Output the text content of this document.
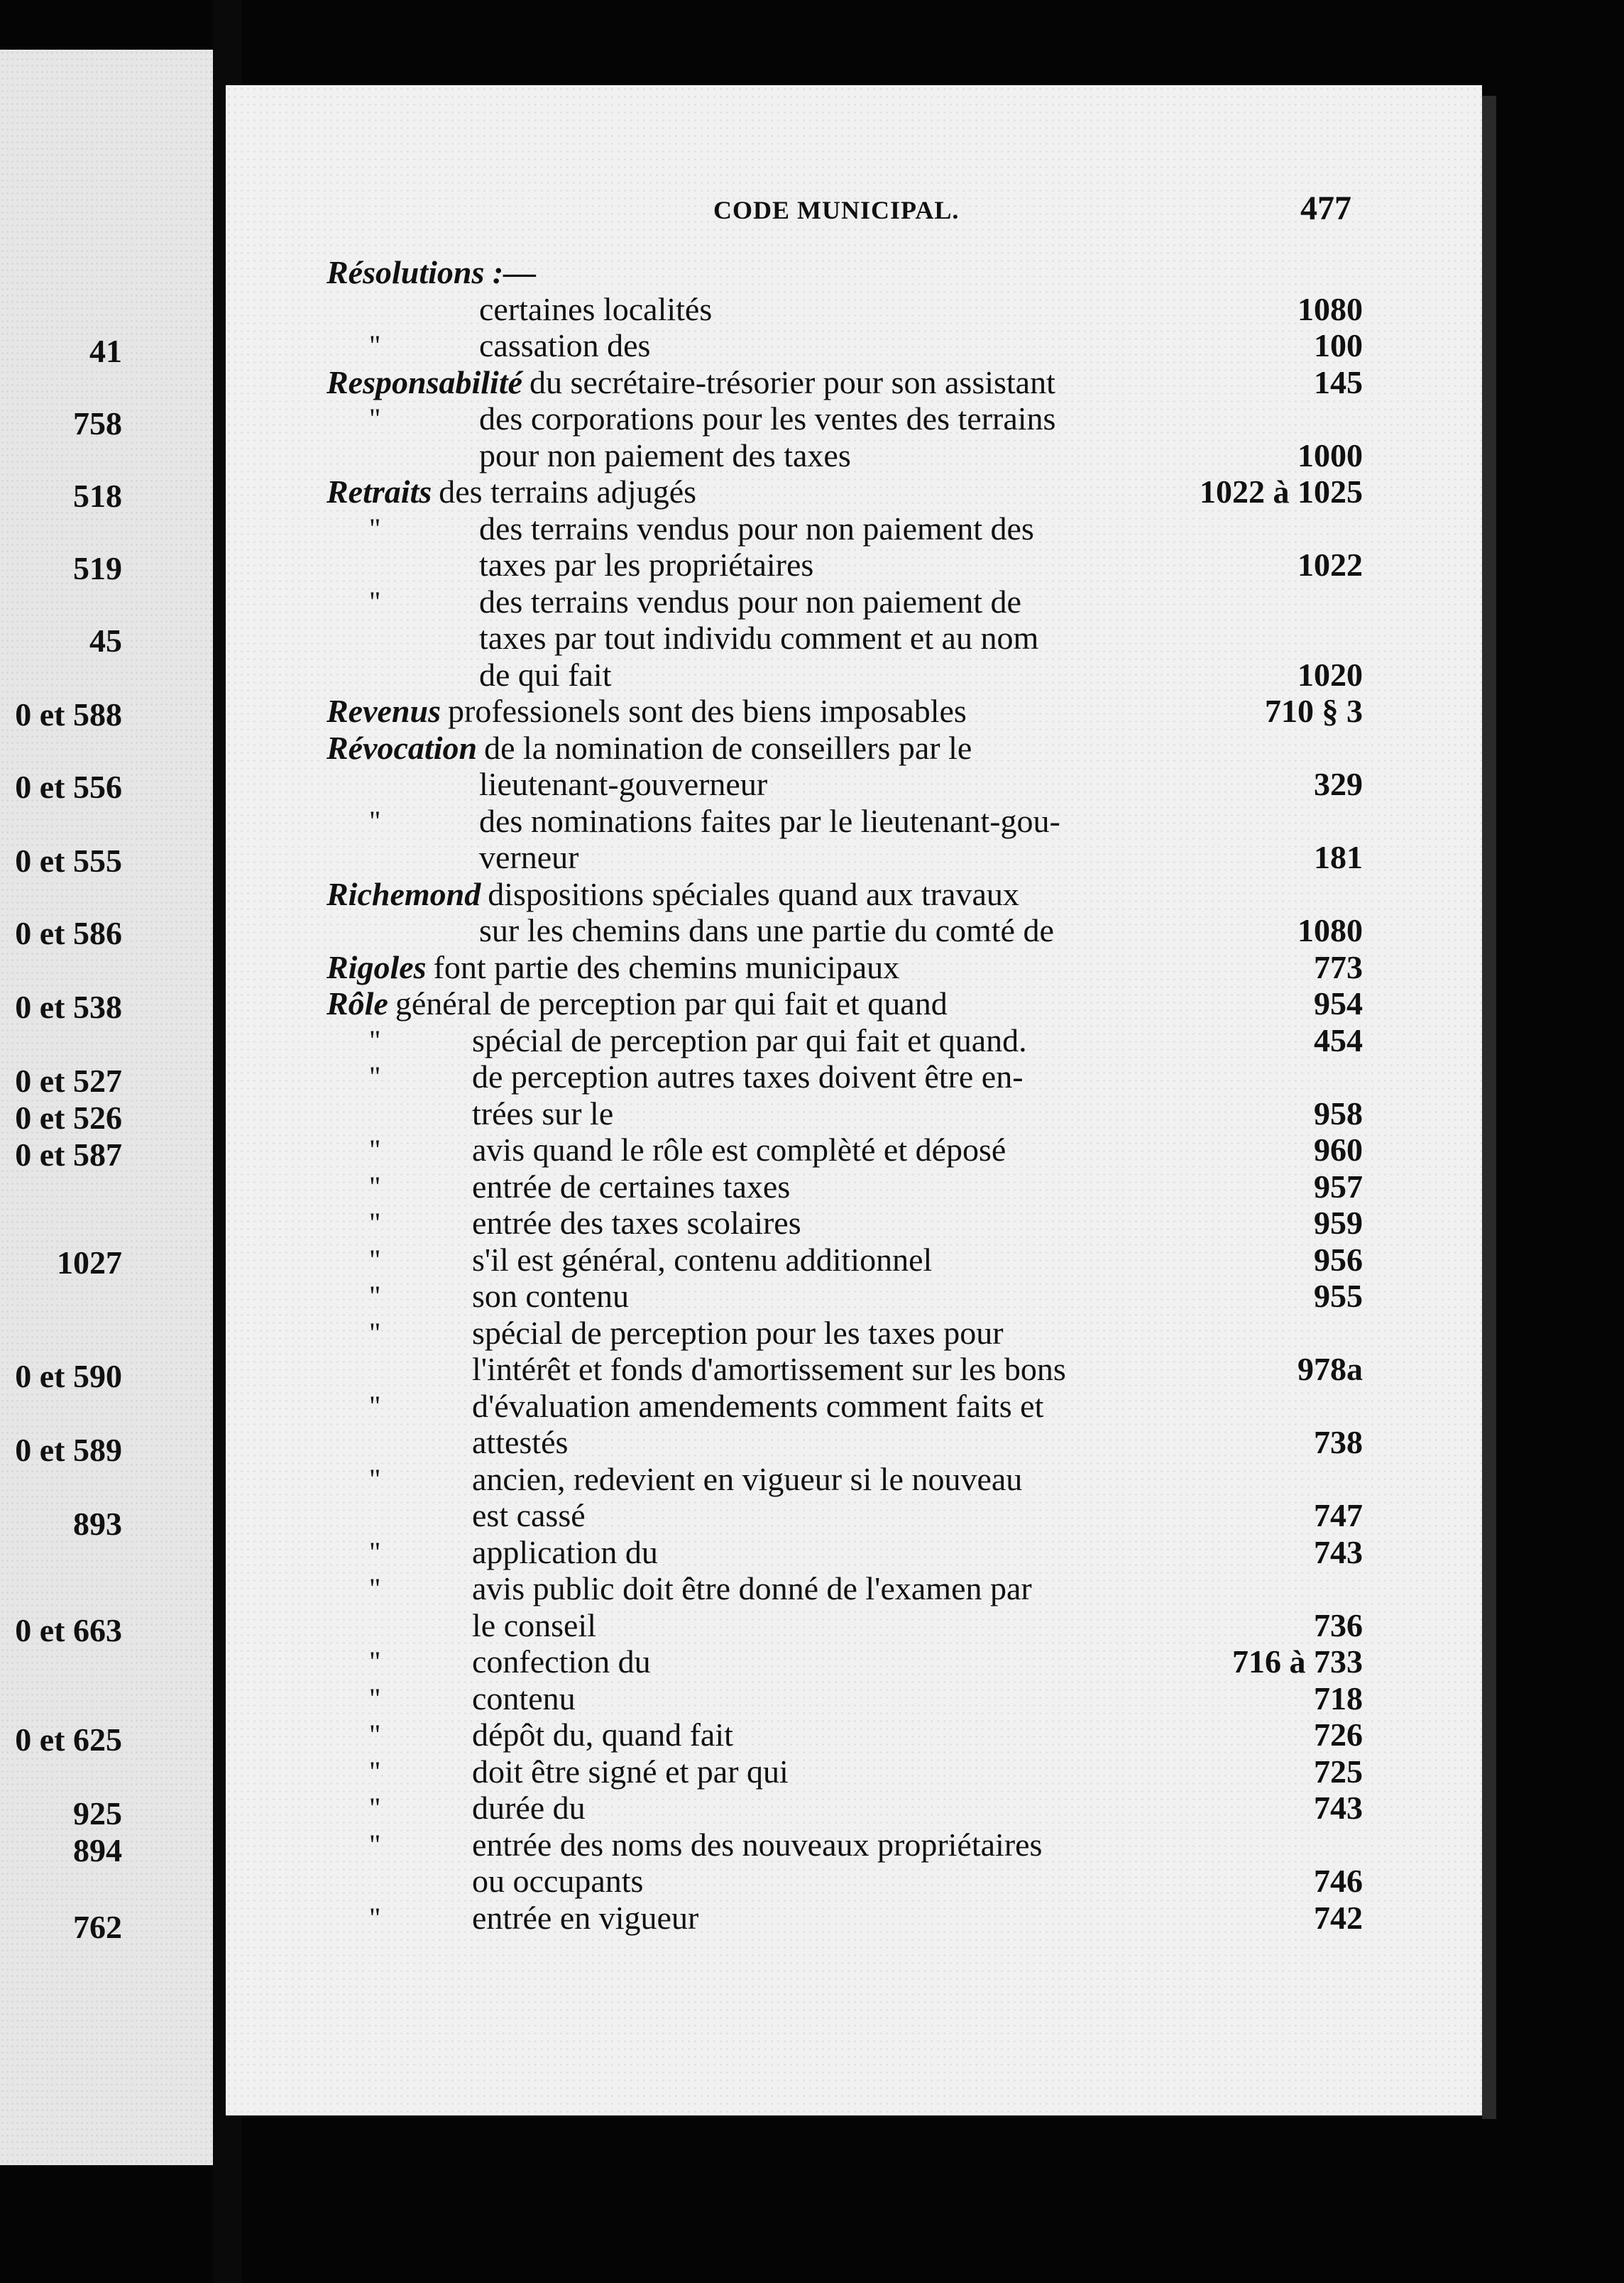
41
758
518
519
45
0 et 588
0 et 556
0 et 555
0 et 586
0 et 538
0 et 527
0 et 526
0 et 587
1027
0 et 590
0 et 589
893
0 et 663
0 et 625
925
894
762
CODE MUNICIPAL.	477
Résolutions :—
certaines localités	1080
"	cassation des	100
Responsabilité du secrétaire-trésorier pour son assistant	145
"	des corporations pour les ventes des terrains
pour non paiement des taxes	1000
Retraits des terrains adjugés	1022 à 1025
"	des terrains vendus pour non paiement des
taxes par les propriétaires	1022
"	des terrains vendus pour non paiement de
taxes par tout individu comment et au nom
de qui fait	1020
Revenus professionels sont des biens imposables	710 § 3
Révocation de la nomination de conseillers par le
lieutenant-gouverneur	329
"	des nominations faites par le lieutenant-gou-
verneur	181
Richemond dispositions spéciales quand aux travaux
sur les chemins dans une partie du comté de	1080
Rigoles font partie des chemins municipaux	773
Rôle général de perception par qui fait et quand	954
"	spécial de perception par qui fait et quand.	454
"	de perception autres taxes doivent être en-
trées sur le	958
"	avis quand le rôle est complèté et déposé	960
"	entrée de certaines taxes	957
"	entrée des taxes scolaires	959
"	s'il est général, contenu additionnel	956
"	son contenu	955
"	spécial de perception pour les taxes pour
l'intérêt et fonds d'amortissement sur les bons	978a
"	d'évaluation amendements comment faits et
attestés	738
"	ancien, redevient en vigueur si le nouveau
est cassé	747
"	application du	743
"	avis public doit être donné de l'examen par
le conseil	736
"	confection du	716 à 733
"	contenu	718
"	dépôt du, quand fait	726
"	doit être signé et par qui	725
"	durée du	743
"	entrée des noms des nouveaux propriétaires
ou occupants	746
"	entrée en vigueur	742
